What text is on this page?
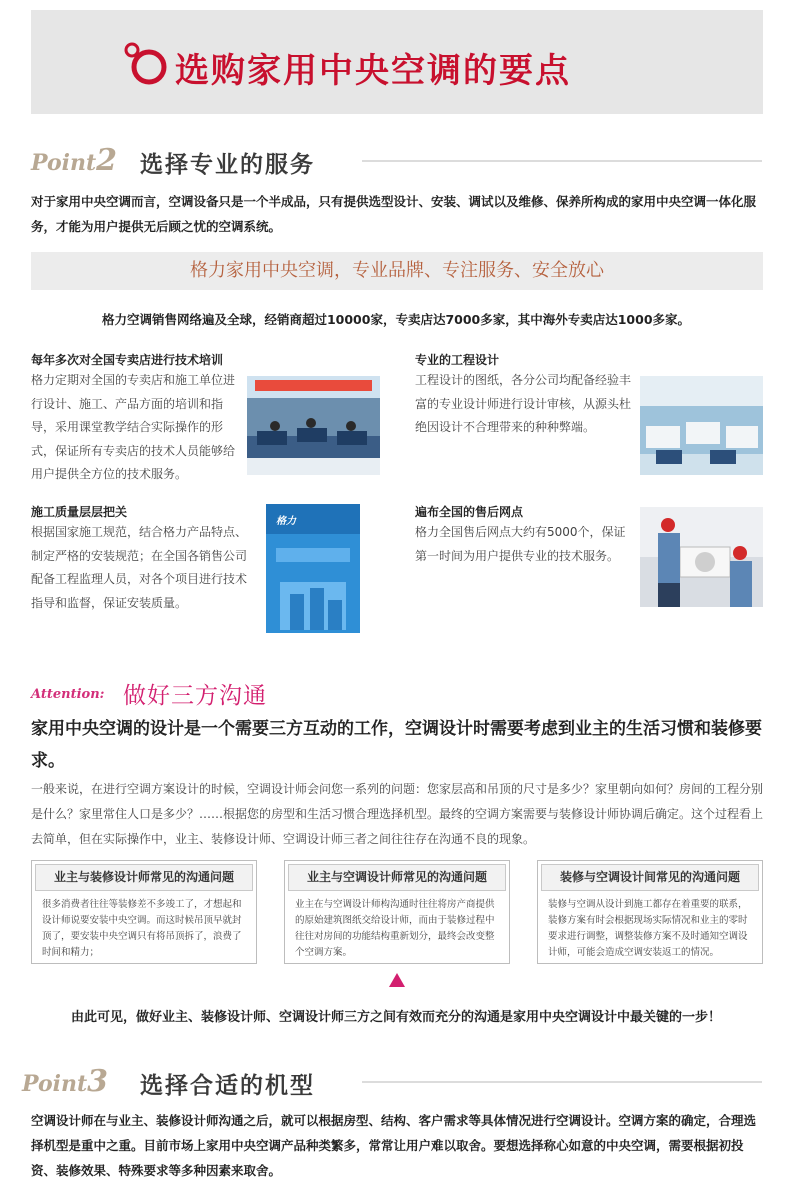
选购家用中央空调的要点
Point2 选择专业的服务
对于家用中央空调而言，空调设备只是一个半成品，只有提供选型设计、安装、调试以及维修、保养所构成的家用中央空调一体化服务，才能为用户提供无后顾之忧的空调系统。
格力家用中央空调，专业品牌、专注服务、安全放心
格力空调销售网络遍及全球，经销商超过10000家，专卖店达7000多家，其中海外专卖店达1000多家。
每年多次对全国专卖店进行技术培训
格力定期对全国的专卖店和施工单位进行设计、施工、产品方面的培训和指导，采用课堂教学结合实际操作的形式，保证所有专卖店的技术人员能够给用户提供全方位的技术服务。
专业的工程设计
工程设计的图纸，各分公司均配备经验丰富的专业设计师进行设计审核，从源头杜绝因设计不合理带来的种种弊端。
施工质量层层把关
根据国家施工规范，结合格力产品特点、制定严格的安装规范；在全国各销售公司配备工程监理人员，对各个项目进行技术指导和监督，保证安装质量。
格力
遍布全国的售后网点
格力全国售后网点大约有5000个，保证第一时间为用户提供专业的技术服务。
Attention: 做好三方沟通
家用中央空调的设计是一个需要三方互动的工作，空调设计时需要考虑到业主的生活习惯和装修要求。
一般来说，在进行空调方案设计的时候，空调设计师会问您一系列的问题：您家层高和吊顶的尺寸是多少？家里朝向如何？房间的工程分别是什么？家里常住人口是多少？……根据您的房型和生活习惯合理选择机型。最终的空调方案需要与装修设计师协调后确定。这个过程看上去简单，但在实际操作中，业主、装修设计师、空调设计师三者之间往往存在沟通不良的现象。
业主与装修设计师常见的沟通问题
很多消费者往往等装修差不多竣工了，才想起和设计师说要安装中央空调。而这时候吊顶早就封顶了，要安装中央空调只有将吊顶拆了，浪费了时间和精力；
业主与空调设计师常见的沟通问题
业主在与空调设计师构沟通时往往将房产商提供的原始建筑图纸交给设计师，而由于装修过程中往往对房间的功能结构重新划分，最终会改变整个空调方案。
装修与空调设计间常见的沟通问题
装修与空调从设计到施工都存在着重要的联系，装修方案有时会根据现场实际情况和业主的零时要求进行调整，调整装修方案不及时通知空调设计师，可能会造成空调安装返工的情况。
由此可见，做好业主、装修设计师、空调设计师三方之间有效而充分的沟通是家用中央空调设计中最关键的一步！
Point3 选择合适的机型
空调设计师在与业主、装修设计师沟通之后，就可以根据房型、结构、客户需求等具体情况进行空调设计。空调方案的确定，合理选择机型是重中之重。目前市场上家用中央空调产品种类繁多，常常让用户难以取舍。要想选择称心如意的中央空调，需要根据初投资、装修效果、特殊要求等多种因素来取舍。
